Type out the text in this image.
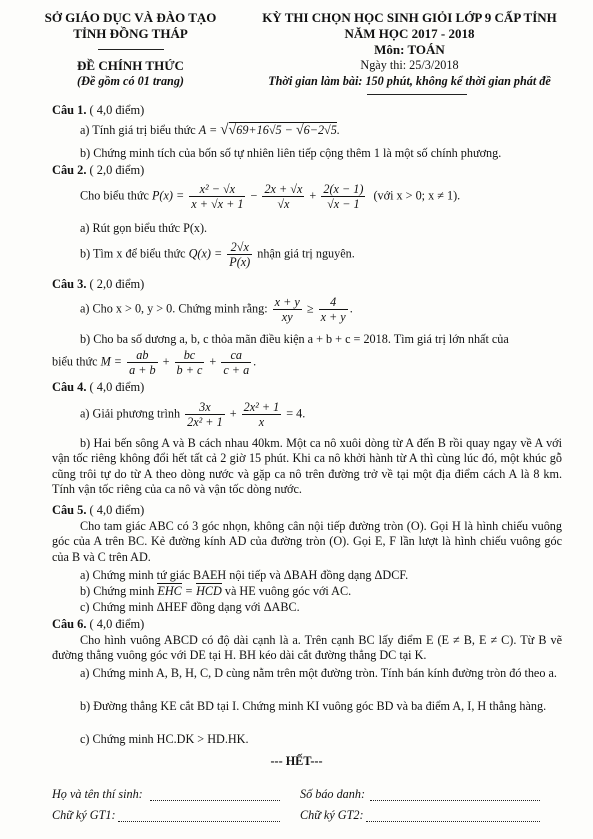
SỞ GIÁO DỤC VÀ ĐÀO TẠO
TỈNH ĐỒNG THÁP
ĐỀ CHÍNH THỨC
(Đề gồm có 01 trang)
KỲ THI CHỌN HỌC SINH GIỎI LỚP 9 CẤP TỈNH
NĂM HỌC 2017 - 2018
Môn: TOÁN
Ngày thi: 25/3/2018
Thời gian làm bài: 150 phút, không kể thời gian phát đề
Câu 1. ( 4,0 điểm)
a) Tính giá trị biểu thức A = √√69+16√5 − √6−2√5.
b) Chứng minh tích của bốn số tự nhiên liên tiếp cộng thêm 1 là một số chính phương.
Câu 2. ( 2,0 điểm)
Cho biểu thức $P(x) = \frac{\text{x² − √x}}{x + √x + 1} - \frac{2x + √x}{√x} + \frac{2(x - 1)}{√x - 1}$ (với x > 0; x ≠ 1).
a) Rút gọn biểu thức P(x).
b) Tìm x để biểu thức $Q(x) = \frac{2√x}{P(x)}$ nhận giá trị nguyên.
Câu 3. ( 2,0 điểm)
a) Cho x > 0, y > 0. Chứng minh rằng: $\frac{x + y}{xy} \ge \frac{4}{x + y}$ .
b) Cho ba số dương a, b, c thỏa mãn điều kiện a + b + c = 2018. Tìm giá trị lớn nhất của
biểu thức $M = \frac{ab}{a + b} + \frac{bc}{b + c} + \frac{ca}{c + a}$ .
Câu 4. ( 4,0 điểm)
a) Giải phương trình $\frac{3x}{\text{2x² + 1}} + \frac{\text{2x² + 1}}{x} = 4$.
b) Hai bến sông A và B cách nhau 40km. Một ca nô xuôi dòng từ A đến B rồi quay ngay về A với vận tốc riêng không đổi hết tất cả 2 giờ 15 phút. Khi ca nô khởi hành từ A thì cùng lúc đó, một khúc gỗ cũng trôi tự do từ A theo dòng nước và gặp ca nô trên đường trở về tại một địa điểm cách A là 8 km. Tính vận tốc riêng của ca nô và vận tốc dòng nước.
Câu 5. ( 4,0 điểm)
Cho tam giác ABC có 3 góc nhọn, không cân nội tiếp đường tròn (O). Gọi H là hình chiếu vuông góc của A trên BC. Kẻ đường kính AD của đường tròn (O). Gọi E, F lần lượt là hình chiếu vuông góc của B và C trên AD.
a) Chứng minh tứ giác BAEH nội tiếp và ΔBAH đồng dạng ΔDCF.
b) Chứng minh EHC = HCD và HE vuông góc với AC.
c) Chứng minh ΔHEF đồng dạng với ΔABC.
Câu 6. ( 4,0 điểm)
Cho hình vuông ABCD có độ dài cạnh là a. Trên cạnh BC lấy điểm E (E ≠ B, E ≠ C). Từ B vẽ đường thẳng vuông góc với DE tại H. BH kéo dài cắt đường thẳng DC tại K.
a) Chứng minh A, B, H, C, D cùng nằm trên một đường tròn. Tính bán kính đường tròn đó theo a.
b) Đường thẳng KE cắt BD tại I. Chứng minh KI vuông góc BD và ba điểm A, I, H thẳng hàng.
c) Chứng minh HC.DK > HD.HK.
--- HẾT---
Họ và tên thí sinh:	Số báo danh:
Chữ ký GT1:	Chữ ký GT2:
